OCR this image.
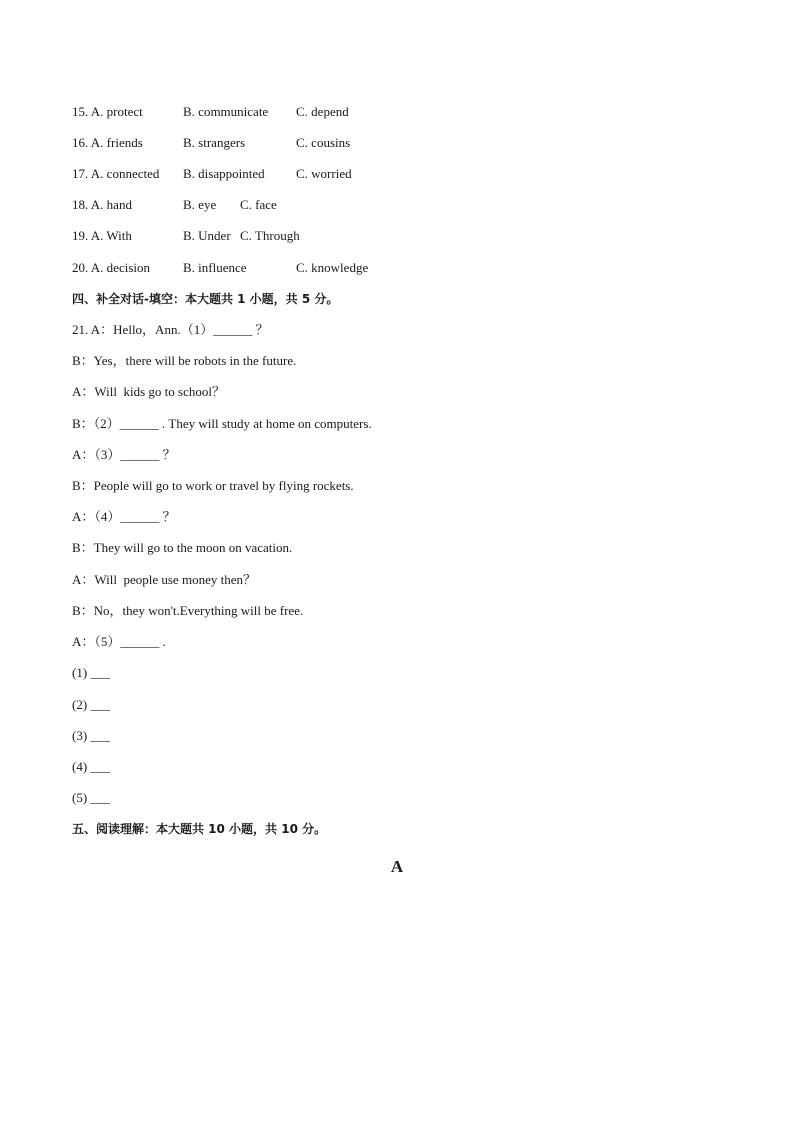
15. A. protect	B. communicate C. depend
16. A. friends	B. strangers	C. cousins
17. A. connected B. disappointed C. worried
18. A. hand	B. eye C. face
19. A. With	B. Under C. Through
20. A. decision	B. influence	C. knowledge
四、补全对话-填空：本大题共 1 小题，共 5 分。
21. A：Hello，Ann.（1）______ ？
B：Yes，there will be robots in the future.
A：Will  kids go to school？
B：（2）______ . They will study at home on computers.
A：（3）______ ？
B：People will go to work or travel by flying rockets.
A：（4）______ ？
B：They will go to the moon on vacation.
A：Will  people use money then？
B：No，they won't.Everything will be free.
A：（5）______ .
(1) ___
(2) ___
(3) ___
(4) ___
(5) ___
五、阅读理解：本大题共 10 小题，共 10 分。
A
